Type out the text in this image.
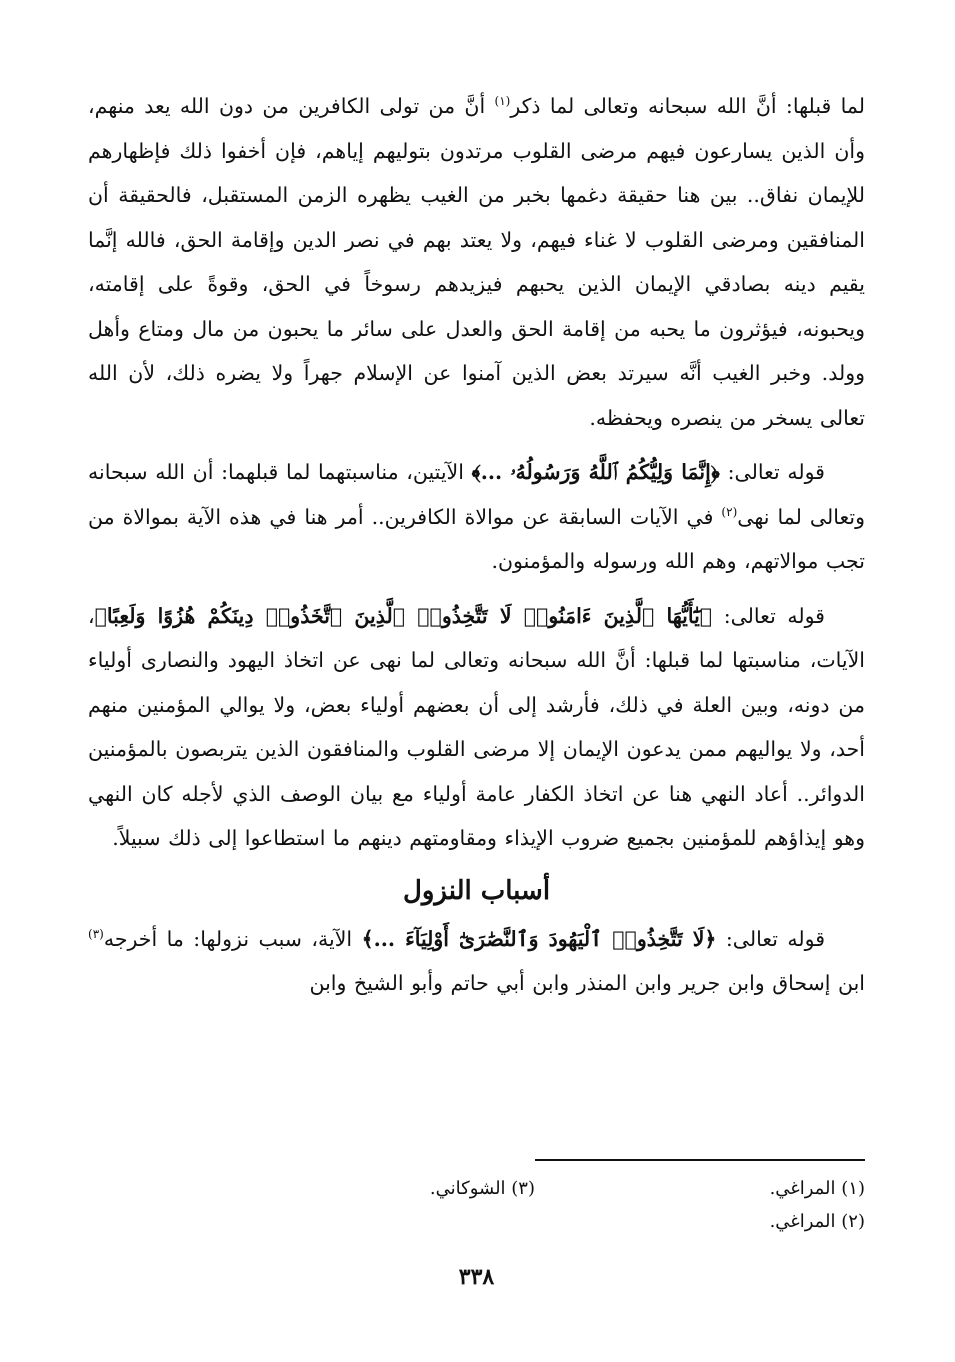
لما قبلها: أنَّ الله سبحانه وتعالى لما ذكر$^{(١)}$ أنَّ من تولى الكافرين من دون الله يعد منهم، وأن الذين يسارعون فيهم مرضى القلوب مرتدون بتوليهم إياهم، فإن أخفوا ذلك فإظهارهم للإيمان نفاق.. بين هنا حقيقة دغمها بخبر من الغيب يظهره الزمن المستقبل، فالحقيقة أن المنافقين ومرضى القلوب لا غناء فيهم، ولا يعتد بهم في نصر الدين وإقامة الحق، فالله إنَّما يقيم دينه بصادقي الإيمان الذين يحبهم فيزيدهم رسوخاً في الحق، وقوةً على إقامته، ويحبونه، فيؤثرون ما يحبه من إقامة الحق والعدل على سائر ما يحبون من مال ومتاع وأهل وولد. وخبر الغيب أنَّه سيرتد بعض الذين آمنوا عن الإسلام جهراً ولا يضره ذلك، لأن الله تعالى يسخر من ينصره ويحفظه.

قوله تعالى: ﴿إِنَّمَا وَلِيُّكُمُ ٱللَّهُ وَرَسُولُهُۥ ...﴾ الآيتين، مناسبتهما لما قبلهما: أن الله سبحانه وتعالى لما نهى$^{(٢)}$ في الآيات السابقة عن موالاة الكافرين.. أمر هنا في هذه الآية بموالاة من تجب موالاتهم، وهم الله ورسوله والمؤمنون.

قوله تعالى: ﴿يَٰٓأَيُّهَا ٱلَّذِينَ ءَامَنُوا۟ لَا تَتَّخِذُوا۟ ٱلَّذِينَ ٱتَّخَذُوا۟ دِينَكُمْ هُزُوًا وَلَعِبًا﴾، الآيات، مناسبتها لما قبلها: أنَّ الله سبحانه وتعالى لما نهى عن اتخاذ اليهود والنصارى أولياء من دونه، وبين العلة في ذلك، فأرشد إلى أن بعضهم أولياء بعض، ولا يوالي المؤمنين منهم أحد، ولا يواليهم ممن يدعون الإيمان إلا مرضى القلوب والمنافقون الذين يتربصون بالمؤمنين الدوائر.. أعاد النهي هنا عن اتخاذ الكفار عامة أولياء مع بيان الوصف الذي لأجله كان النهي وهو إيذاؤهم للمؤمنين بجميع ضروب الإيذاء ومقاومتهم دينهم ما استطاعوا إلى ذلك سبيلاً.

أسباب النزول

قوله تعالى: ﴿لَا تَتَّخِذُوا۟ ٱلْيَهُودَ وَٱلنَّصَٰرَىٰٓ أَوْلِيَآءَ ...﴾ الآية، سبب نزولها: ما أخرجه$^{(٣)}$ ابن إسحاق وابن جرير وابن المنذر وابن أبي حاتم وأبو الشيخ وابن

(١) المراغي.
(٣) الشوكاني.
(٢) المراغي.
٣٣٨
